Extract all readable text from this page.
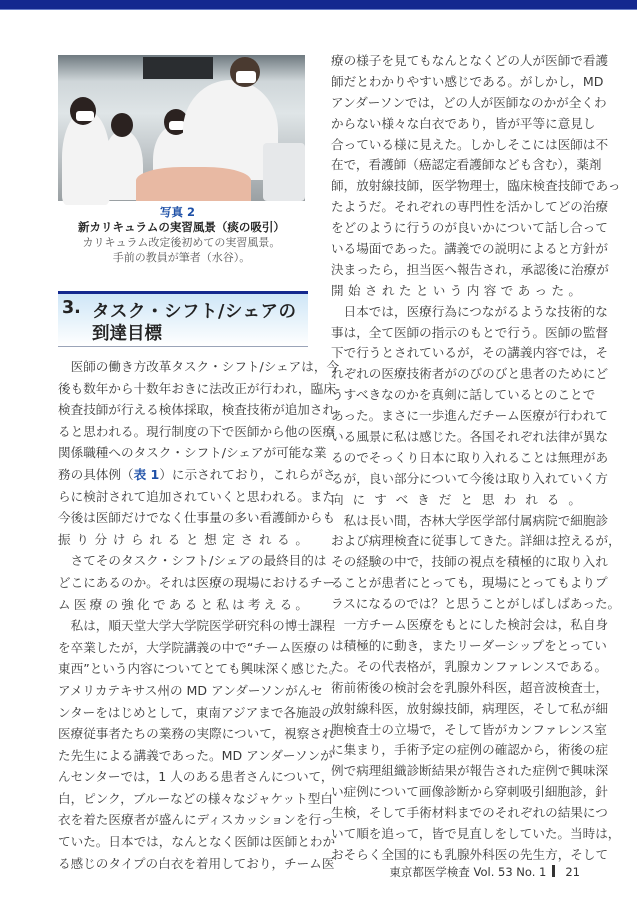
写真 2新カリキュラムの実習風景（痰の吸引）
カリキュラム改定後初めての実習風景。
手前の教員が筆者（水谷）。
3. タスク・シフト/シェアの
到達目標
　医師の働き方改革タスク・シフト/シェアは，今
後も数年から十数年おきに法改正が行われ，臨床
検査技師が行える検体採取，検査技術が追加され
ると思われる。現行制度の下で医師から他の医療
関係職種へのタスク・シフト/シェアが可能な業
務の具体例（表 1）に示されており，これらがさ
らに検討されて追加されていくと思われる。また
今後は医師だけでなく仕事量の多い看護師からも
振り分けられると想定される。
　さてそのタスク・シフト/シェアの最終目的は
どこにあるのか。それは医療の現場におけるチー
ム医療の強化であると私は考える。
　私は，順天堂大学大学院医学研究科の博士課程
を卒業したが，大学院講義の中で“チーム医療の
東西”という内容についてとても興味深く感じた。
アメリカテキサス州の MD アンダーソンがんセ
ンターをはじめとして，東南アジアまで各施設の
医療従事者たちの業務の実際について，視察され
た先生による講義であった。MD アンダーソンが
んセンターでは，1 人のある患者さんについて，
白，ピンク，ブルーなどの様々なジャケット型白
衣を着た医療者が盛んにディスカッションを行っ
ていた。日本では，なんとなく医師は医師とわか
る感じのタイプの白衣を着用しており，チーム医
療の様子を見てもなんとなくどの人が医師で看護
師だとわかりやすい感じである。がしかし，MD
アンダーソンでは，どの人が医師なのかが全くわ
からない様々な白衣であり，皆が平等に意見し
合っている様に見えた。しかしそこには医師は不
在で，看護師（癌認定看護師なども含む），薬剤
師，放射線技師，医学物理士，臨床検査技師であっ
たようだ。それぞれの専門性を活かしてどの治療
をどのように行うのが良いかについて話し合って
いる場面であった。講義での説明によると方針が
決まったら，担当医へ報告され，承認後に治療が
開始されたという内容であった。
　日本では，医療行為につながるような技術的な
事は，全て医師の指示のもとで行う。医師の監督
下で行うとされているが，その講義内容では，そ
れぞれの医療技術者がのびのびと患者のためにど
うすべきなのかを真剣に話しているとのことで
あった。まさに一歩進んだチーム医療が行われて
いる風景に私は感じた。各国それぞれ法律が異な
るのでそっくり日本に取り入れることは無理があ
るが，良い部分について今後は取り入れていく方
向にすべきだと思われる。
　私は長い間，杏林大学医学部付属病院で細胞診
および病理検査に従事してきた。詳細は控えるが，
その経験の中で，技師の視点を積極的に取り入れ
ることが患者にとっても，現場にとってもよりプ
ラスになるのでは？と思うことがしばしばあった。
　一方チーム医療をもとにした検討会は，私自身
は積極的に動き，またリーダーシップをとってい
た。その代表格が，乳腺カンファレンスである。
術前術後の検討会を乳腺外科医，超音波検査士，
放射線科医，放射線技師，病理医，そして私が細
胞検査士の立場で，そして皆がカンファレンス室
に集まり，手術予定の症例の確認から，術後の症
例で病理組織診断結果が報告された症例で興味深
い症例について画像診断から穿刺吸引細胞診，針
生検，そして手術材料までのそれぞれの結果につ
いて順を追って，皆で見直しをしていた。当時は，
おそらく全国的にも乳腺外科医の先生方，そして
東京都医学検査 Vol. 53 No. 1 21
